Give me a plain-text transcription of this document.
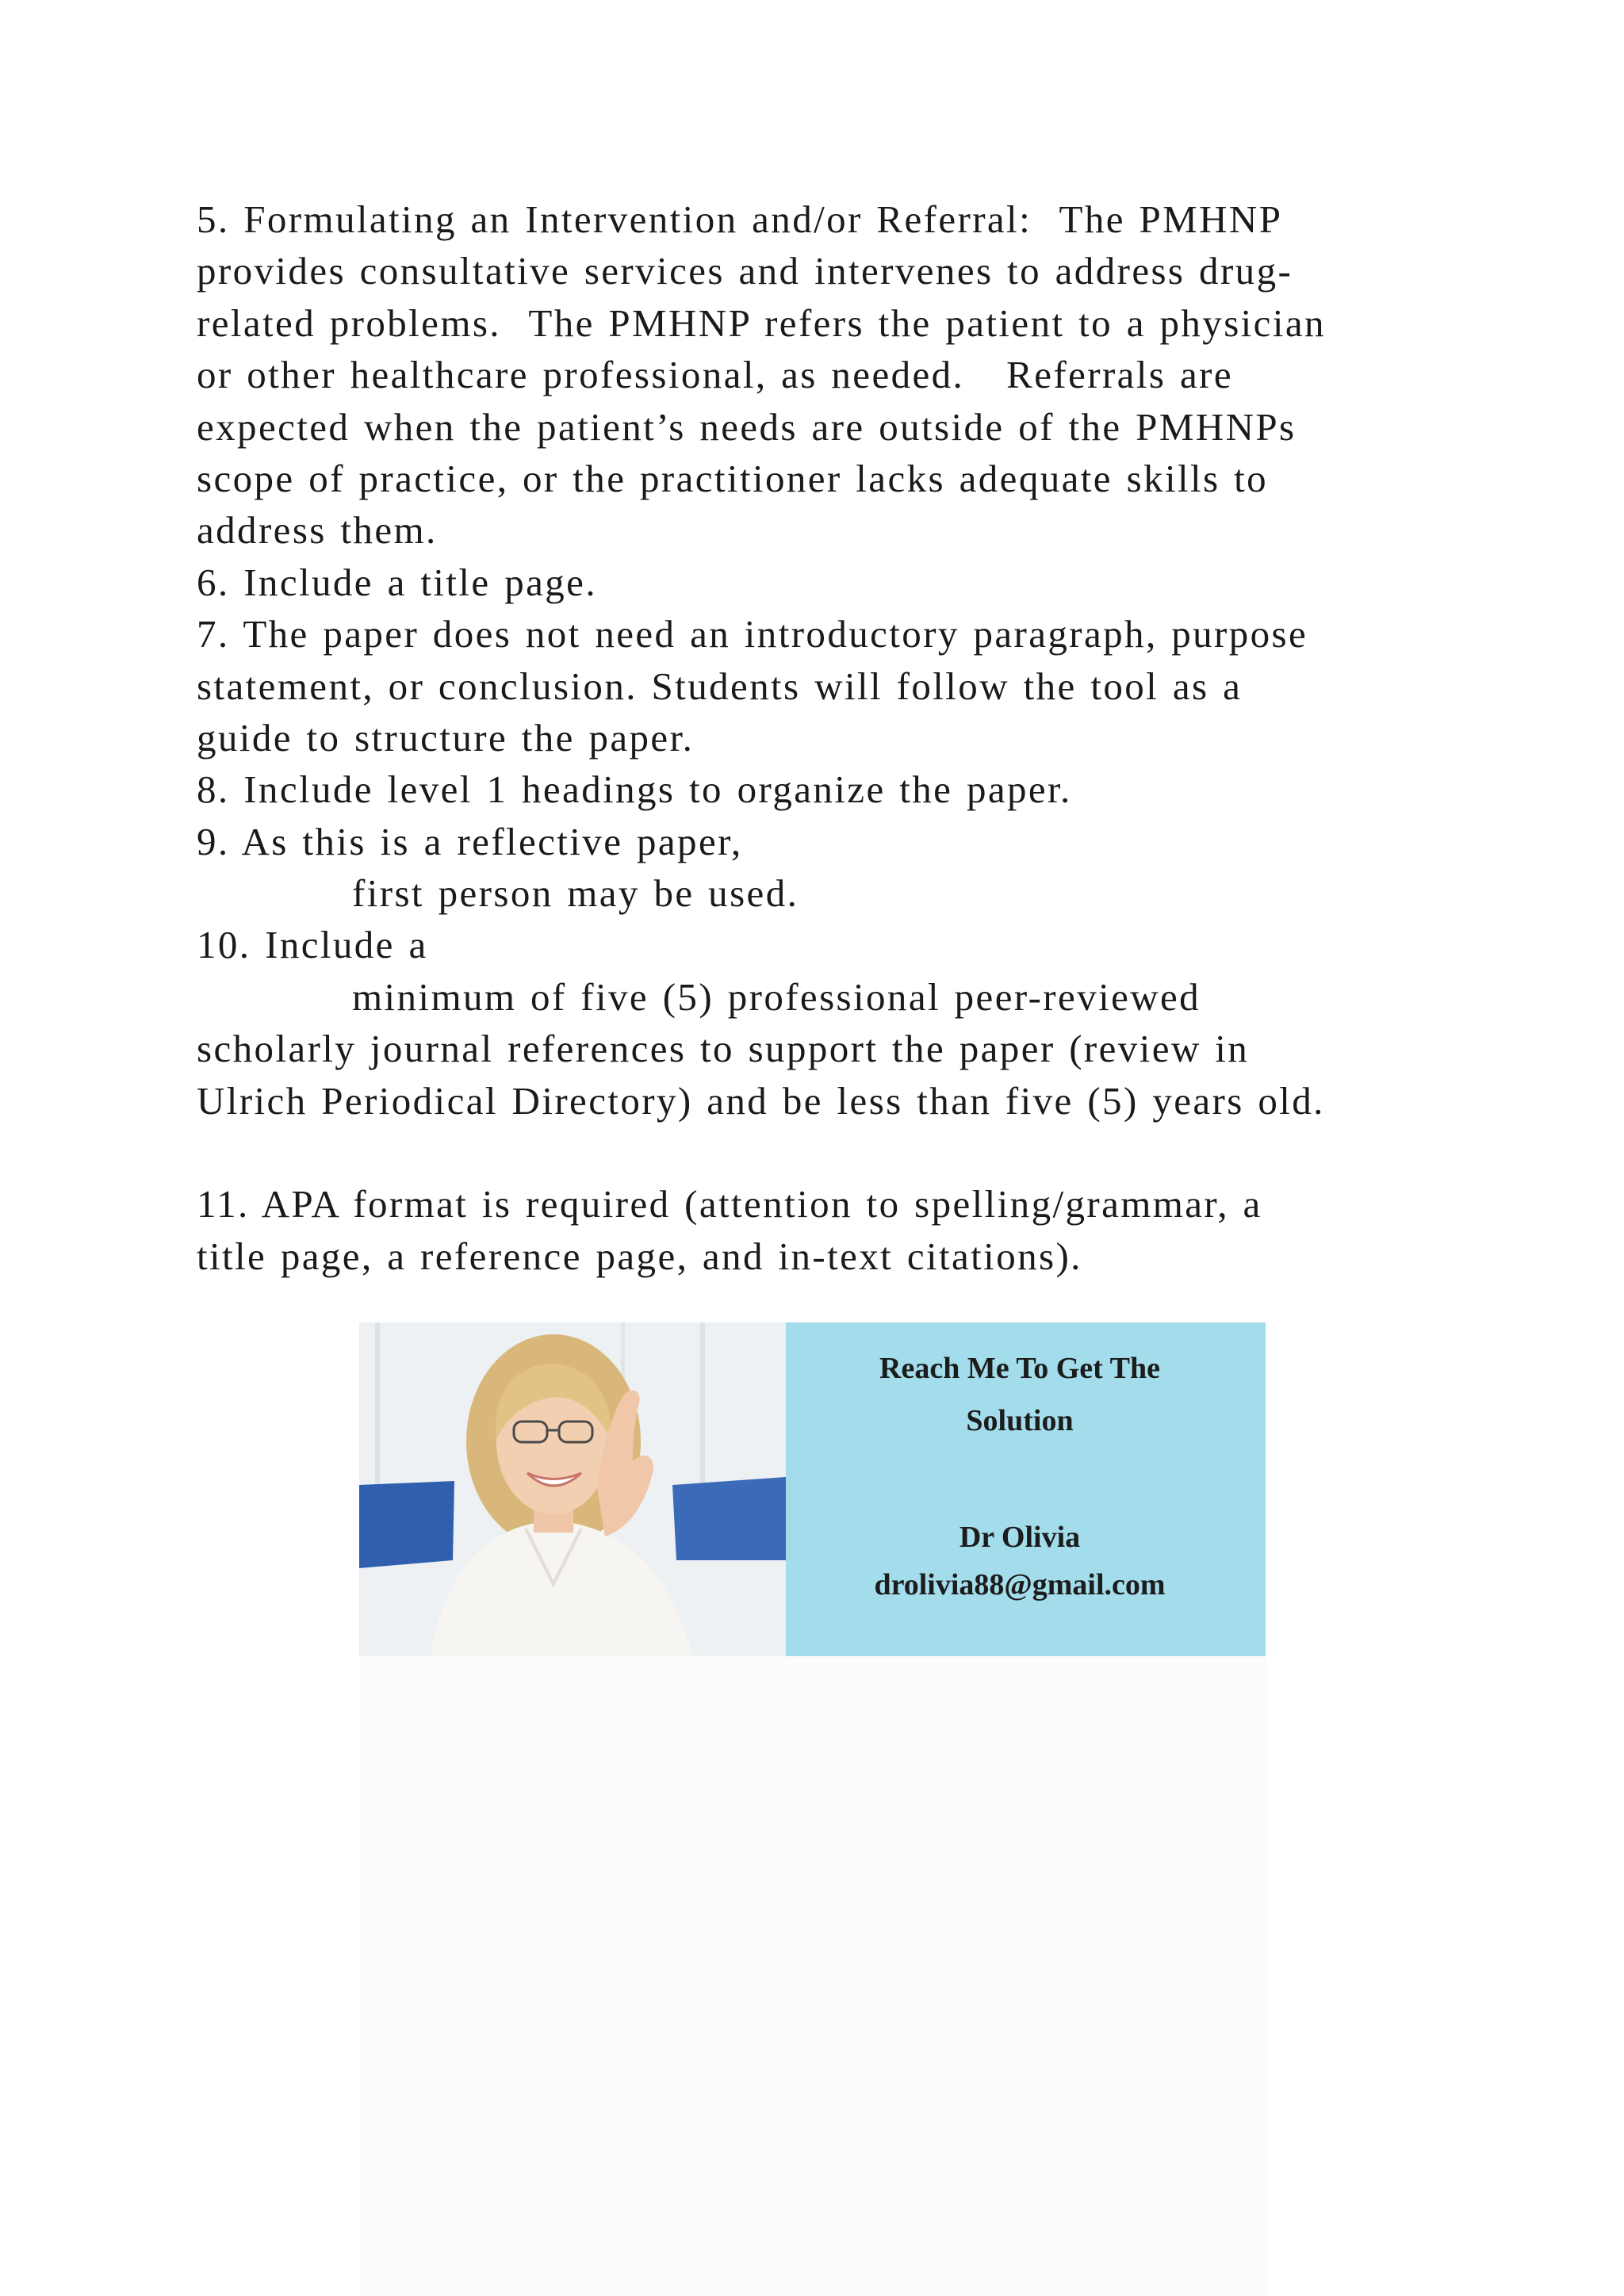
5. Formulating an Intervention and/or Referral:  The PMHNP
provides consultative services and intervenes to address drug-
related problems.  The PMHNP refers the patient to a physician
or other healthcare professional, as needed.   Referrals are
expected when the patient’s needs are outside of the PMHNPs
scope of practice, or the practitioner lacks adequate skills to
address them.
6. Include a title page.
7. The paper does not need an introductory paragraph, purpose
statement, or conclusion. Students will follow the tool as a
guide to structure the paper.
8. Include level 1 headings to organize the paper.
9. As this is a reflective paper,
first person may be used.
10. Include a
minimum of five (5) professional peer-reviewed
scholarly journal references to support the paper (review in
Ulrich Periodical Directory) and be less than five (5) years old.
11. APA format is required (attention to spelling/grammar, a
title page, a reference page, and in-text citations).
Reach Me To Get The
Solution
Dr Olivia
drolivia88@gmail.com
